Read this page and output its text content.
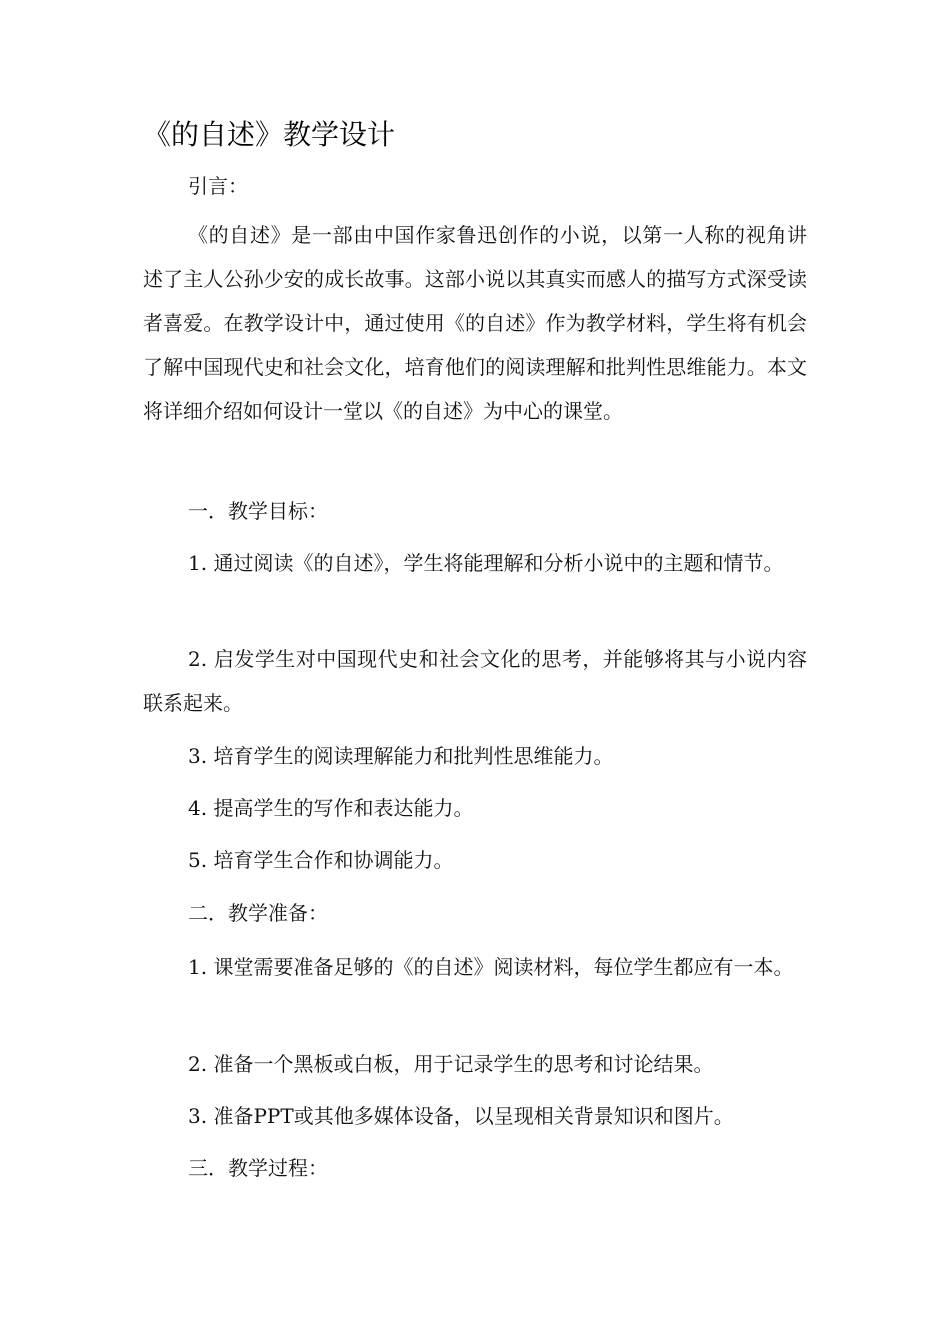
《的自述》教学设计

引言：

《的自述》是一部由中国作家鲁迅创作的小说，以第一人称的视角讲述了主人公孙少安的成长故事。这部小说以其真实而感人的描写方式深受读者喜爱。在教学设计中，通过使用《的自述》作为教学材料，学生将有机会了解中国现代史和社会文化，培育他们的阅读理解和批判性思维能力。本文将详细介绍如何设计一堂以《的自述》为中心的课堂。

一．教学目标：

1. 通过阅读《的自述》，学生将能理解和分析小说中的主题和情节。

2. 启发学生对中国现代史和社会文化的思考，并能够将其与小说内容联系起来。

3. 培育学生的阅读理解能力和批判性思维能力。

4. 提高学生的写作和表达能力。

5. 培育学生合作和协调能力。

二．教学准备：

1. 课堂需要准备足够的《的自述》阅读材料，每位学生都应有一本。

2. 准备一个黑板或白板，用于记录学生的思考和讨论结果。

3. 准备PPT或其他多媒体设备，以呈现相关背景知识和图片。

三．教学过程：
